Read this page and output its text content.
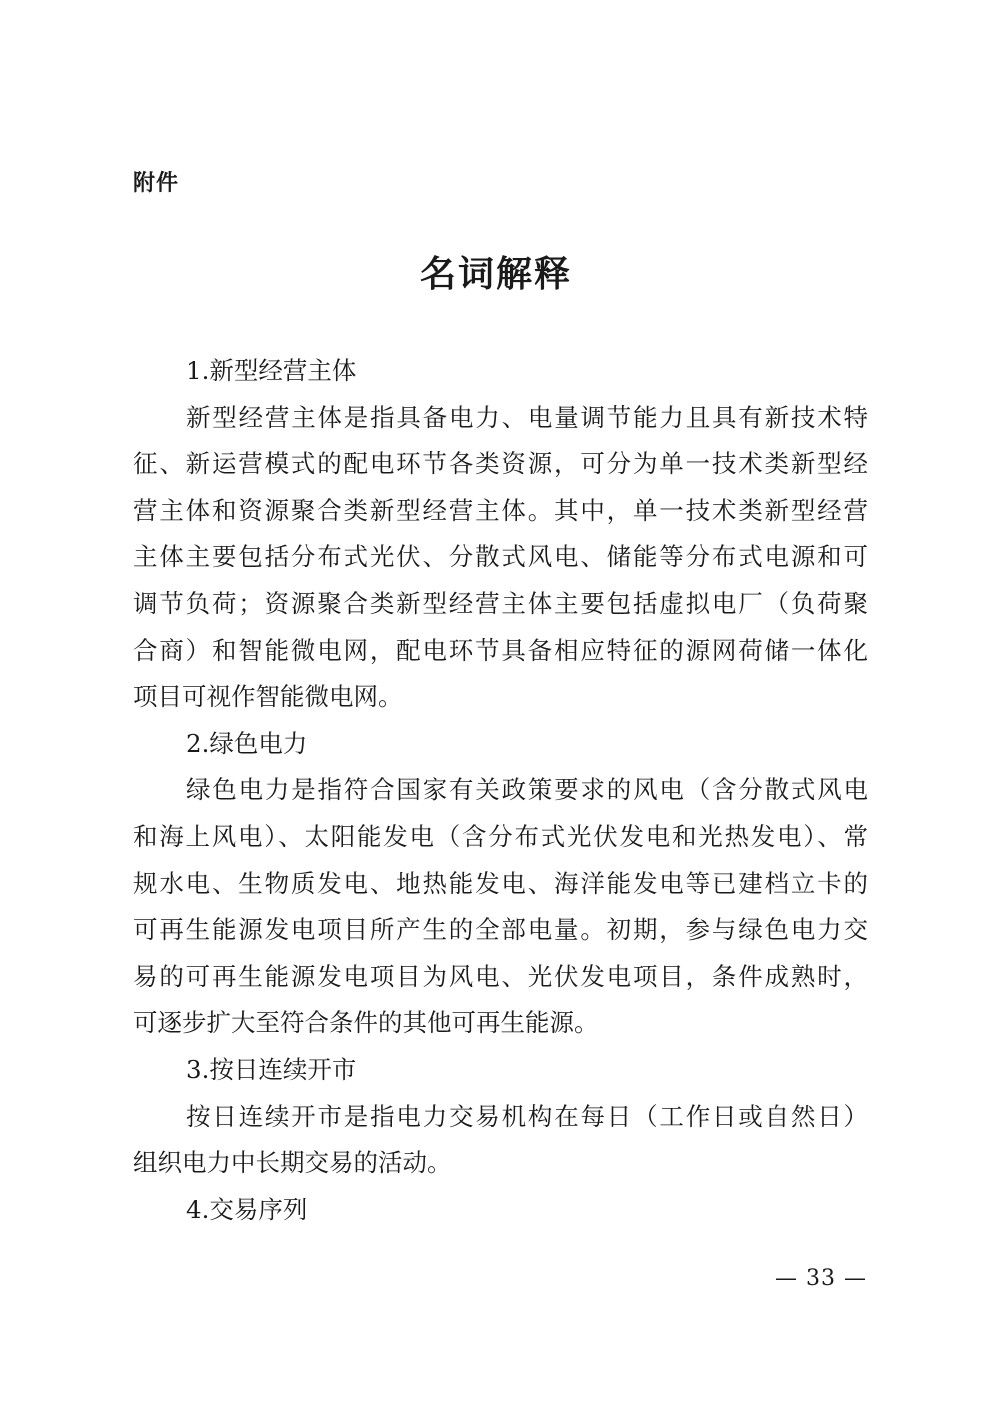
附件
名词解释
1.新型经营主体
新型经营主体是指具备电力、电量调节能力且具有新技术特
征、新运营模式的配电环节各类资源，可分为单一技术类新型经
营主体和资源聚合类新型经营主体。其中，单一技术类新型经营
主体主要包括分布式光伏、分散式风电、储能等分布式电源和可
调节负荷；资源聚合类新型经营主体主要包括虚拟电厂（负荷聚
合商）和智能微电网，配电环节具备相应特征的源网荷储一体化
项目可视作智能微电网。
2.绿色电力
绿色电力是指符合国家有关政策要求的风电（含分散式风电
和海上风电）、太阳能发电（含分布式光伏发电和光热发电）、常
规水电、生物质发电、地热能发电、海洋能发电等已建档立卡的
可再生能源发电项目所产生的全部电量。初期，参与绿色电力交
易的可再生能源发电项目为风电、光伏发电项目，条件成熟时，
可逐步扩大至符合条件的其他可再生能源。
3.按日连续开市
按日连续开市是指电力交易机构在每日（工作日或自然日）
组织电力中长期交易的活动。
4.交易序列
— 33 —
